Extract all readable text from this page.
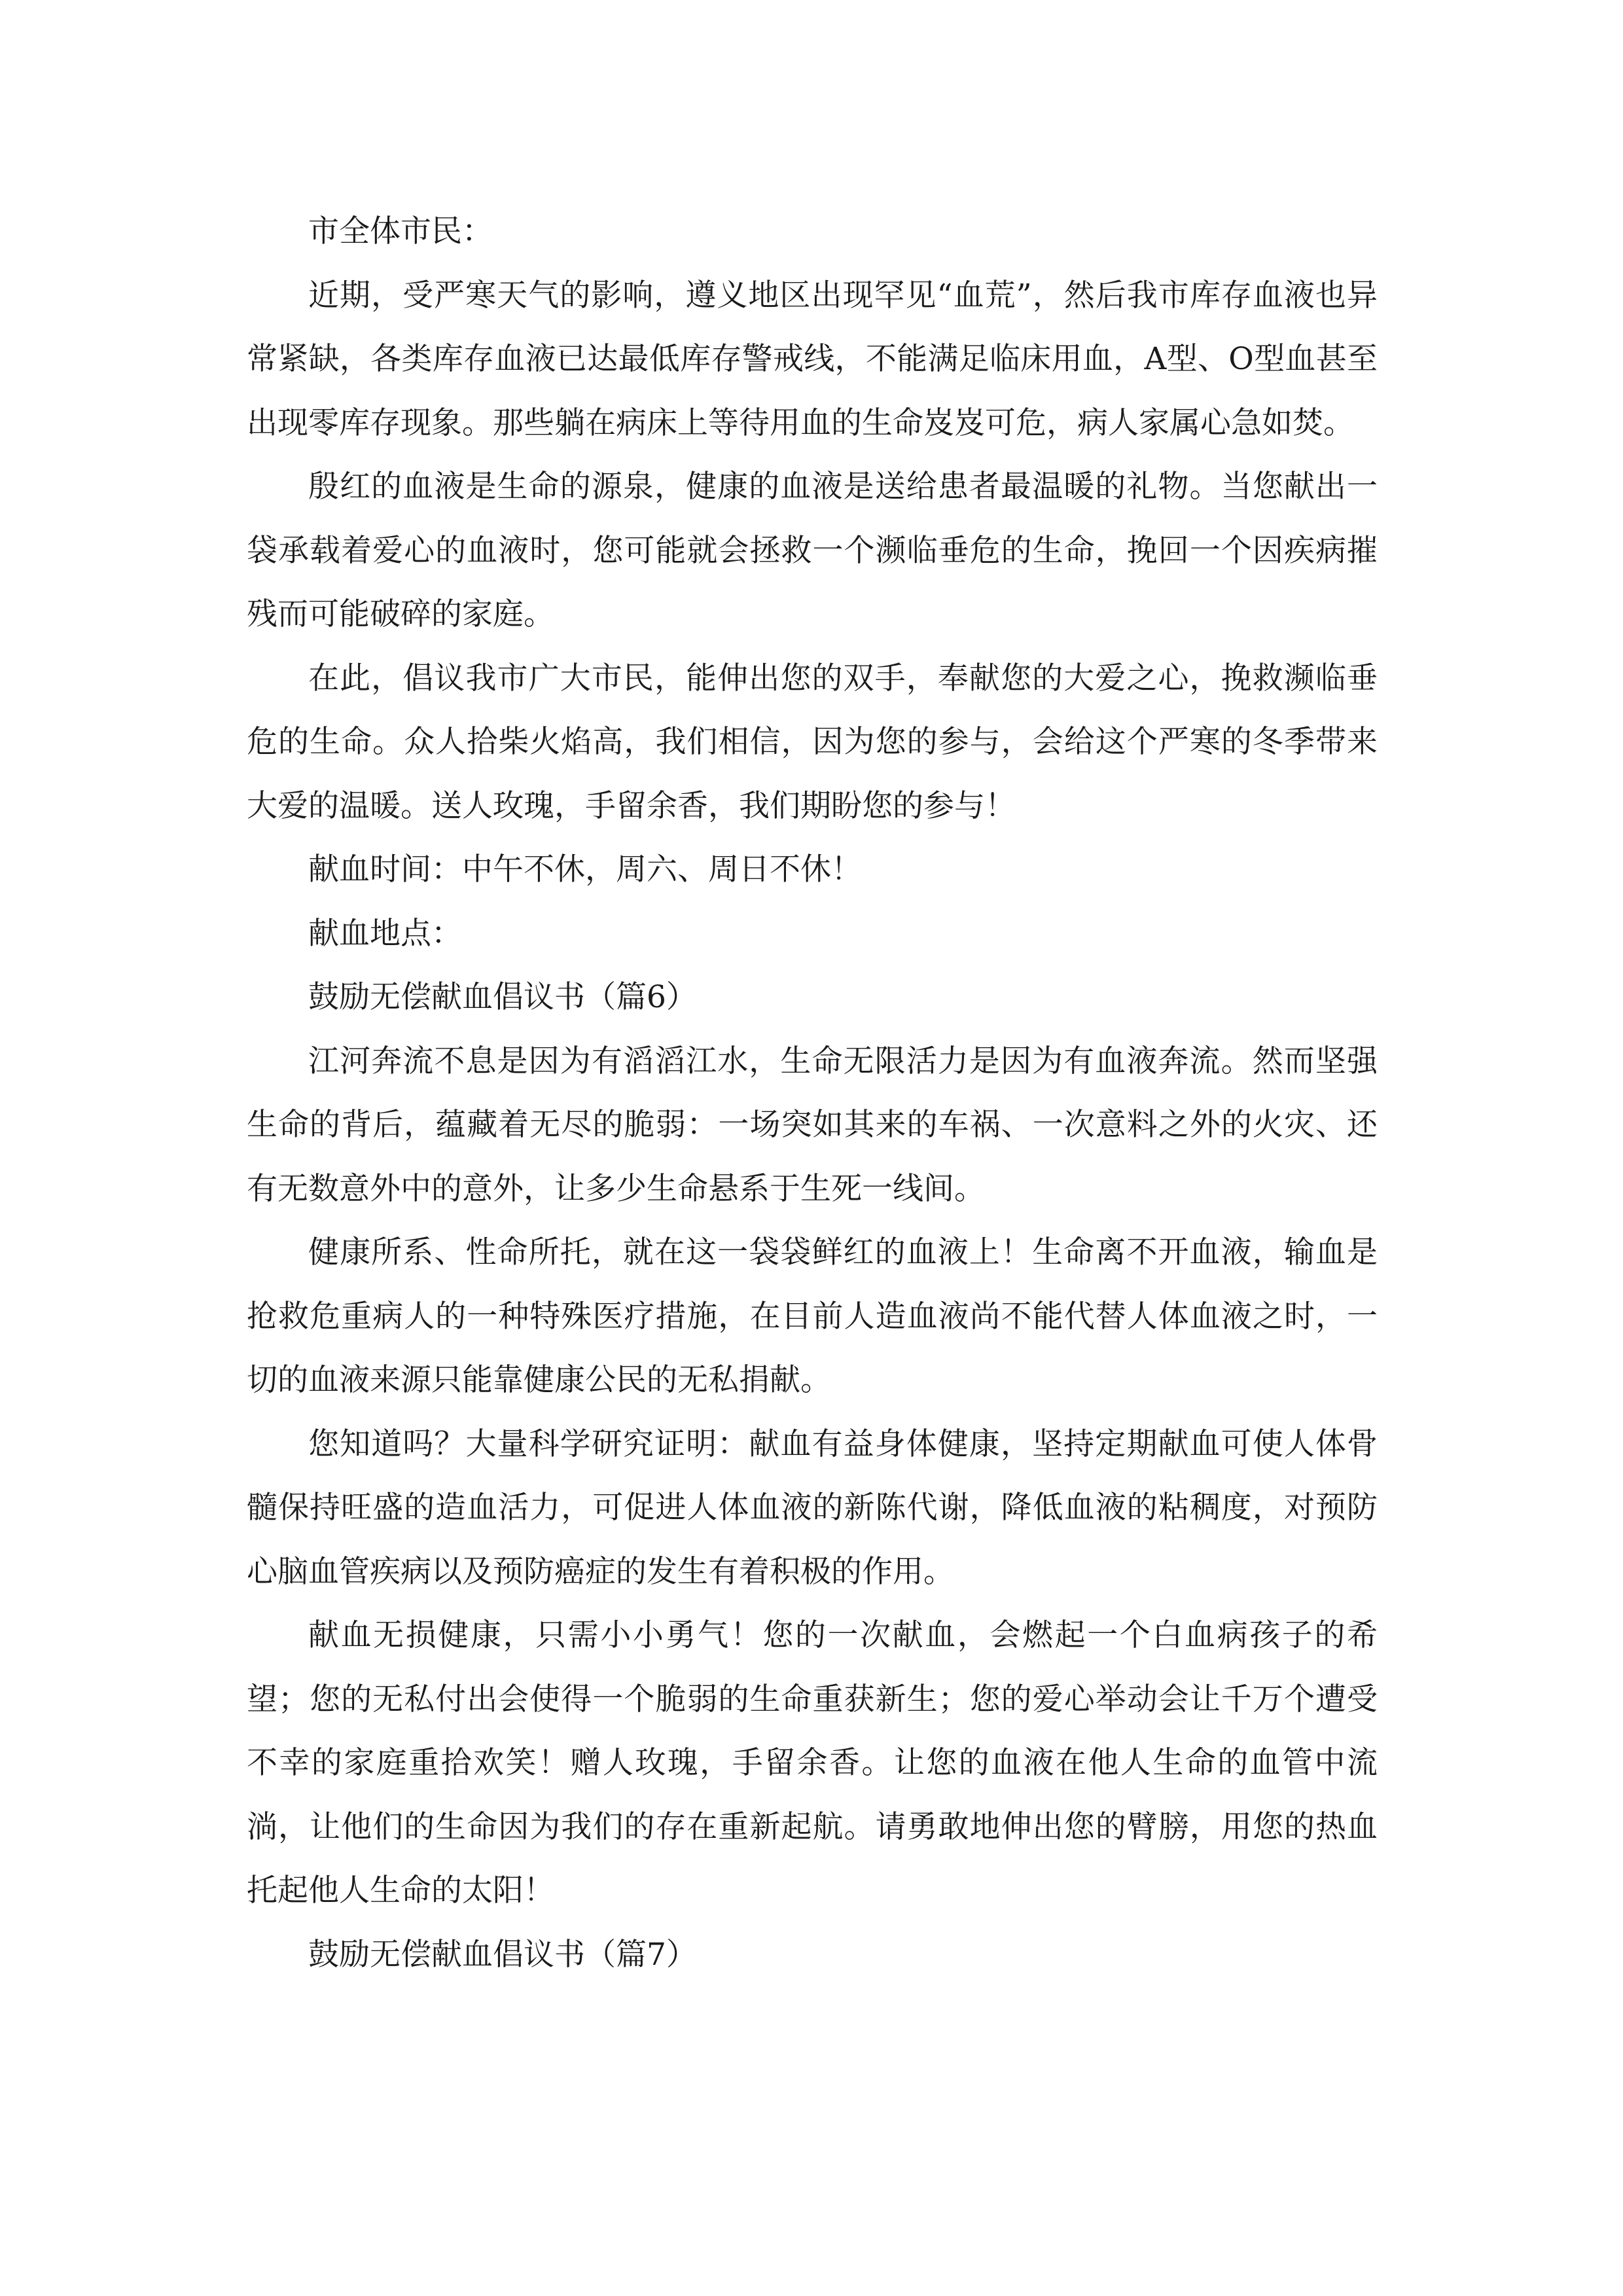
市全体市民：

近期，受严寒天气的影响，遵义地区出现罕见“血荒”，然后我市库存血液也异常紧缺，各类库存血液已达最低库存警戒线，不能满足临床用血，A型、O型血甚至出现零库存现象。那些躺在病床上等待用血的生命岌岌可危，病人家属心急如焚。

殷红的血液是生命的源泉，健康的血液是送给患者最温暖的礼物。当您献出一袋承载着爱心的血液时，您可能就会拯救一个濒临垂危的生命，挽回一个因疾病摧残而可能破碎的家庭。

在此，倡议我市广大市民，能伸出您的双手，奉献您的大爱之心，挽救濒临垂危的生命。众人拾柴火焰高，我们相信，因为您的参与，会给这个严寒的冬季带来大爱的温暖。送人玫瑰，手留余香，我们期盼您的参与！

献血时间：中午不休，周六、周日不休！

献血地点：

鼓励无偿献血倡议书（篇6）

江河奔流不息是因为有滔滔江水，生命无限活力是因为有血液奔流。然而坚强生命的背后，蕴藏着无尽的脆弱：一场突如其来的车祸、一次意料之外的火灾、还有无数意外中的意外，让多少生命悬系于生死一线间。

健康所系、性命所托，就在这一袋袋鲜红的血液上！生命离不开血液，输血是抢救危重病人的一种特殊医疗措施，在目前人造血液尚不能代替人体血液之时，一切的血液来源只能靠健康公民的无私捐献。

您知道吗？大量科学研究证明：献血有益身体健康，坚持定期献血可使人体骨髓保持旺盛的造血活力，可促进人体血液的新陈代谢，降低血液的粘稠度，对预防心脑血管疾病以及预防癌症的发生有着积极的作用。

献血无损健康，只需小小勇气！您的一次献血，会燃起一个白血病孩子的希望；您的无私付出会使得一个脆弱的生命重获新生；您的爱心举动会让千万个遭受不幸的家庭重拾欢笑！赠人玫瑰，手留余香。让您的血液在他人生命的血管中流淌，让他们的生命因为我们的存在重新起航。请勇敢地伸出您的臂膀，用您的热血托起他人生命的太阳！

鼓励无偿献血倡议书（篇7）
